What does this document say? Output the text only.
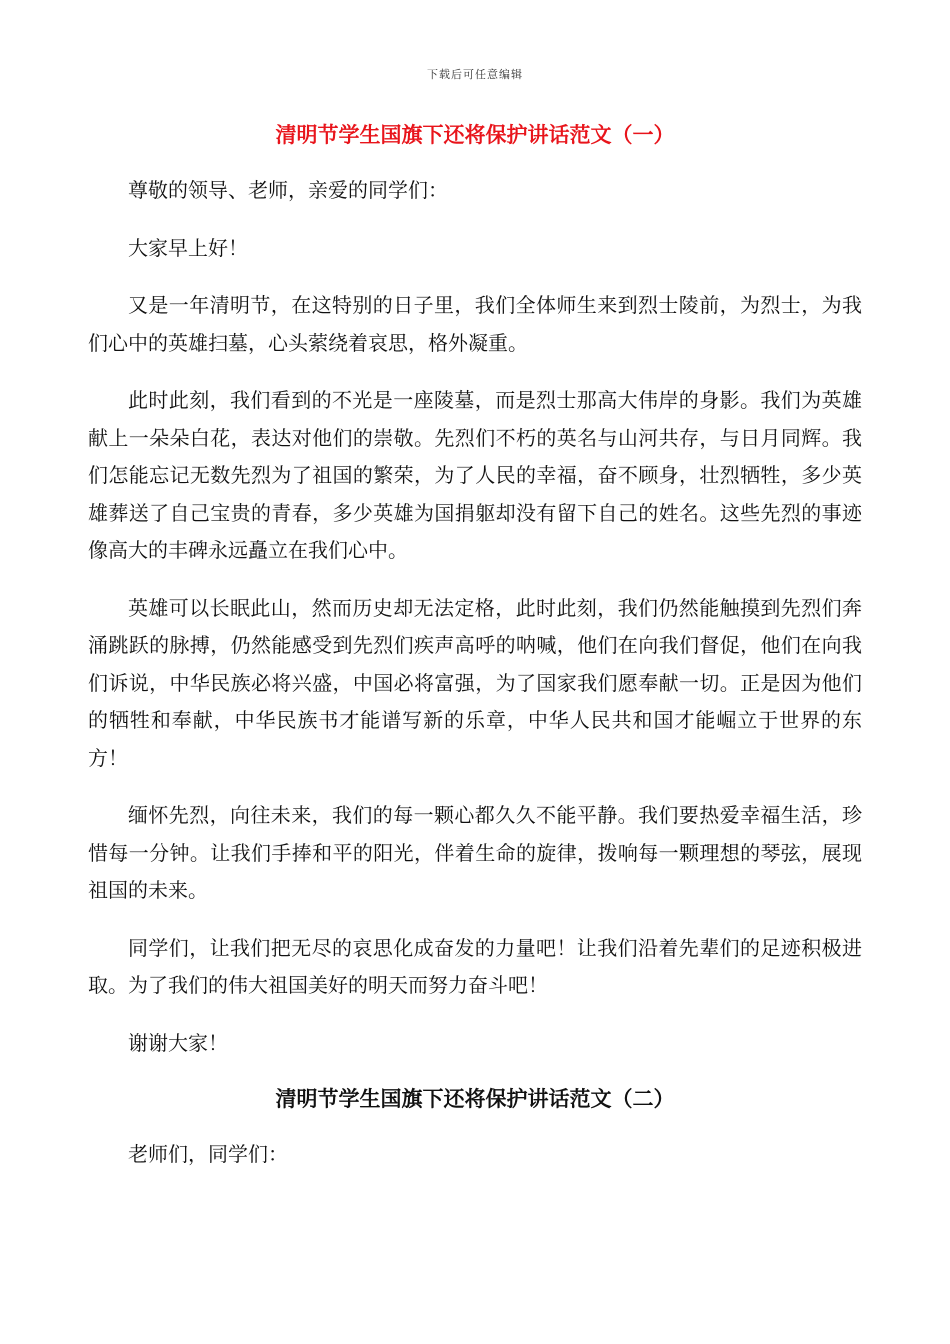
下载后可任意编辑
清明节学生国旗下还将保护讲话范文（一）

尊敬的领导、老师，亲爱的同学们：

大家早上好！

又是一年清明节，在这特别的日子里，我们全体师生来到烈士陵前，为烈士，为我们心中的英雄扫墓，心头萦绕着哀思，格外凝重。

此时此刻，我们看到的不光是一座陵墓，而是烈士那高大伟岸的身影。我们为英雄献上一朵朵白花，表达对他们的崇敬。先烈们不朽的英名与山河共存，与日月同辉。我们怎能忘记无数先烈为了祖国的繁荣，为了人民的幸福，奋不顾身，壮烈牺牲，多少英雄葬送了自己宝贵的青春，多少英雄为国捐躯却没有留下自己的姓名。这些先烈的事迹像高大的丰碑永远矗立在我们心中。

英雄可以长眠此山，然而历史却无法定格，此时此刻，我们仍然能触摸到先烈们奔涌跳跃的脉搏，仍然能感受到先烈们疾声高呼的呐喊，他们在向我们督促，他们在向我们诉说，中华民族必将兴盛，中国必将富强，为了国家我们愿奉献一切。正是因为他们的牺牲和奉献，中华民族书才能谱写新的乐章，中华人民共和国才能崛立于世界的东方！

缅怀先烈，向往未来，我们的每一颗心都久久不能平静。我们要热爱幸福生活，珍惜每一分钟。让我们手捧和平的阳光，伴着生命的旋律，拨响每一颗理想的琴弦，展现祖国的未来。

同学们，让我们把无尽的哀思化成奋发的力量吧！让我们沿着先辈们的足迹积极进取。为了我们的伟大祖国美好的明天而努力奋斗吧！

谢谢大家！

清明节学生国旗下还将保护讲话范文（二）

老师们，同学们：
